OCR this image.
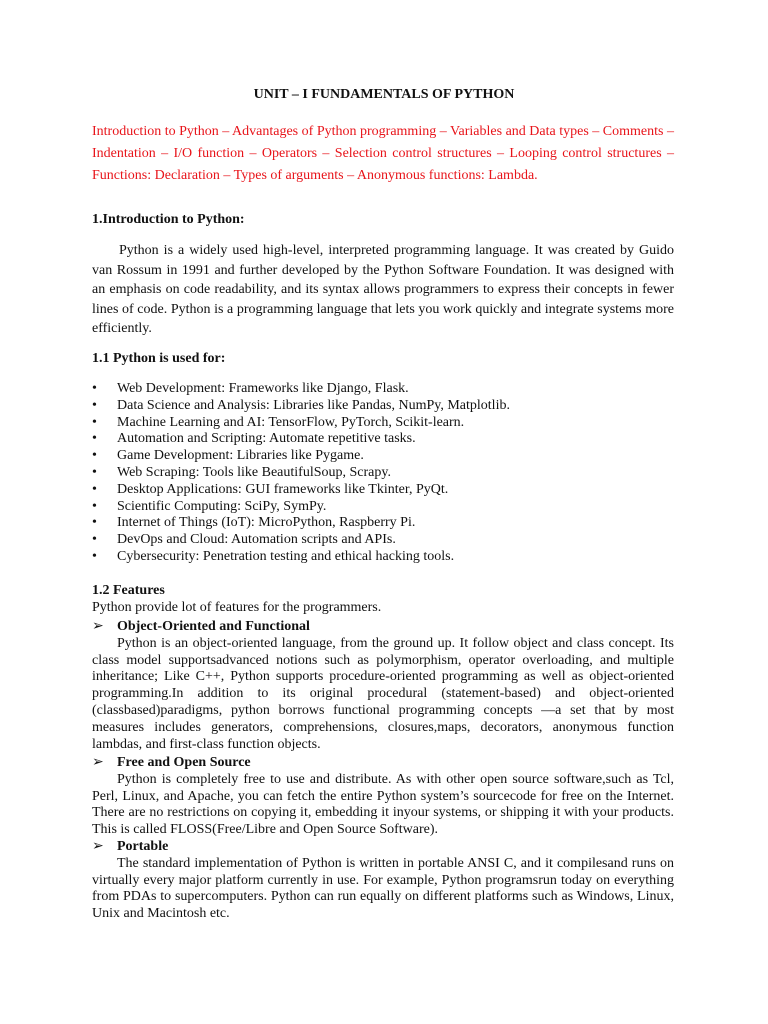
UNIT – I FUNDAMENTALS OF PYTHON
Introduction to Python – Advantages of Python programming – Variables and Data types – Comments – Indentation – I/O function – Operators – Selection control structures – Looping control structures – Functions: Declaration – Types of arguments – Anonymous functions: Lambda.
1.Introduction to Python:
Python is a widely used high-level, interpreted programming language. It was created by Guido van Rossum in 1991 and further developed by the Python Software Foundation. It was designed with an emphasis on code readability, and its syntax allows programmers to express their concepts in fewer lines of code. Python is a programming language that lets you work quickly and integrate systems more efficiently.
1.1 Python is used for:
•	Web Development: Frameworks like Django, Flask.
•	Data Science and Analysis: Libraries like Pandas, NumPy, Matplotlib.
•	Machine Learning and AI: TensorFlow, PyTorch, Scikit-learn.
•	Automation and Scripting: Automate repetitive tasks.
•	Game Development: Libraries like Pygame.
•	Web Scraping: Tools like BeautifulSoup, Scrapy.
•	Desktop Applications: GUI frameworks like Tkinter, PyQt.
•	Scientific Computing: SciPy, SymPy.
•	Internet of Things (IoT): MicroPython, Raspberry Pi.
•	DevOps and Cloud: Automation scripts and APIs.
•	Cybersecurity: Penetration testing and ethical hacking tools.
1.2 Features
Python provide lot of features for the programmers.
➢ Object-Oriented and Functional
Python is an object-oriented language, from the ground up. It follow object and class concept. Its class model supportsadvanced notions such as polymorphism, operator overloading, and multiple inheritance; Like C++, Python supports procedure-oriented programming as well as object-oriented programming.In addition to its original procedural (statement-based) and object-oriented (classbased)paradigms, python borrows functional programming concepts —a set that by most measures includes generators, comprehensions, closures,maps, decorators, anonymous function lambdas, and first-class function objects.
➢ Free and Open Source
Python is completely free to use and distribute. As with other open source software,such as Tcl, Perl, Linux, and Apache, you can fetch the entire Python system’s sourcecode for free on the Internet. There are no restrictions on copying it, embedding it inyour systems, or shipping it with your products. This is called FLOSS(Free/Libre and Open Source Software).
➢ Portable
The standard implementation of Python is written in portable ANSI C, and it compilesand runs on virtually every major platform currently in use. For example, Python programsrun today on everything from PDAs to supercomputers. Python can run equally on different platforms such as Windows, Linux, Unix and Macintosh etc.
